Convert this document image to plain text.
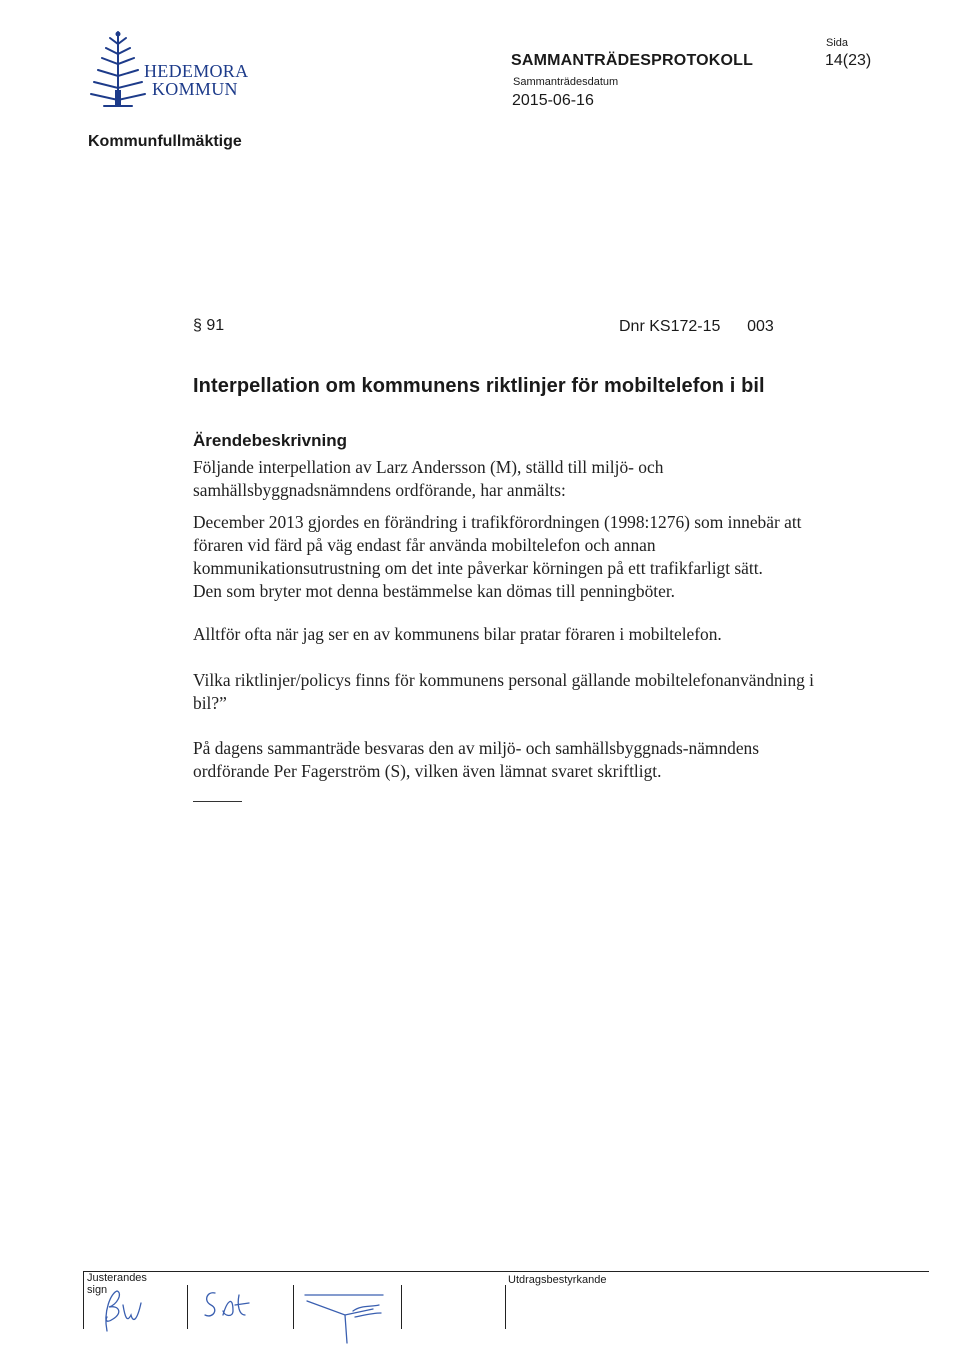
HEDEMORA
KOMMUN
SAMMANTRÄDESPROTOKOLL
Sammanträdesdatum
2015-06-16
Sida
14(23)
Kommunfullmäktige
§ 91	Dnr KS172-15      003
Interpellation om kommunens riktlinjer för mobiltelefon i bil
Ärendebeskrivning
Följande interpellation av Larz Andersson (M), ställd till miljö- och
samhällsbyggnadsnämndens ordförande, har anmälts:
December 2013 gjordes en förändring i trafikförordningen (1998:1276) som innebär att
föraren vid färd på väg endast får använda mobiltelefon och annan
kommunikationsutrustning om det inte påverkar körningen på ett trafikfarligt sätt.
Den som bryter mot denna bestämmelse kan dömas till penningböter.
Alltför ofta när jag ser en av kommunens bilar pratar föraren i mobiltelefon.
Vilka riktlinjer/policys finns för kommunens personal gällande mobiltelefonanvändning i
bil?”
På dagens sammanträde besvaras den av miljö- och samhällsbyggnads-nämndens
ordförande Per Fagerström (S), vilken även lämnat svaret skriftligt.
Justerandes sign
Utdragsbestyrkande
